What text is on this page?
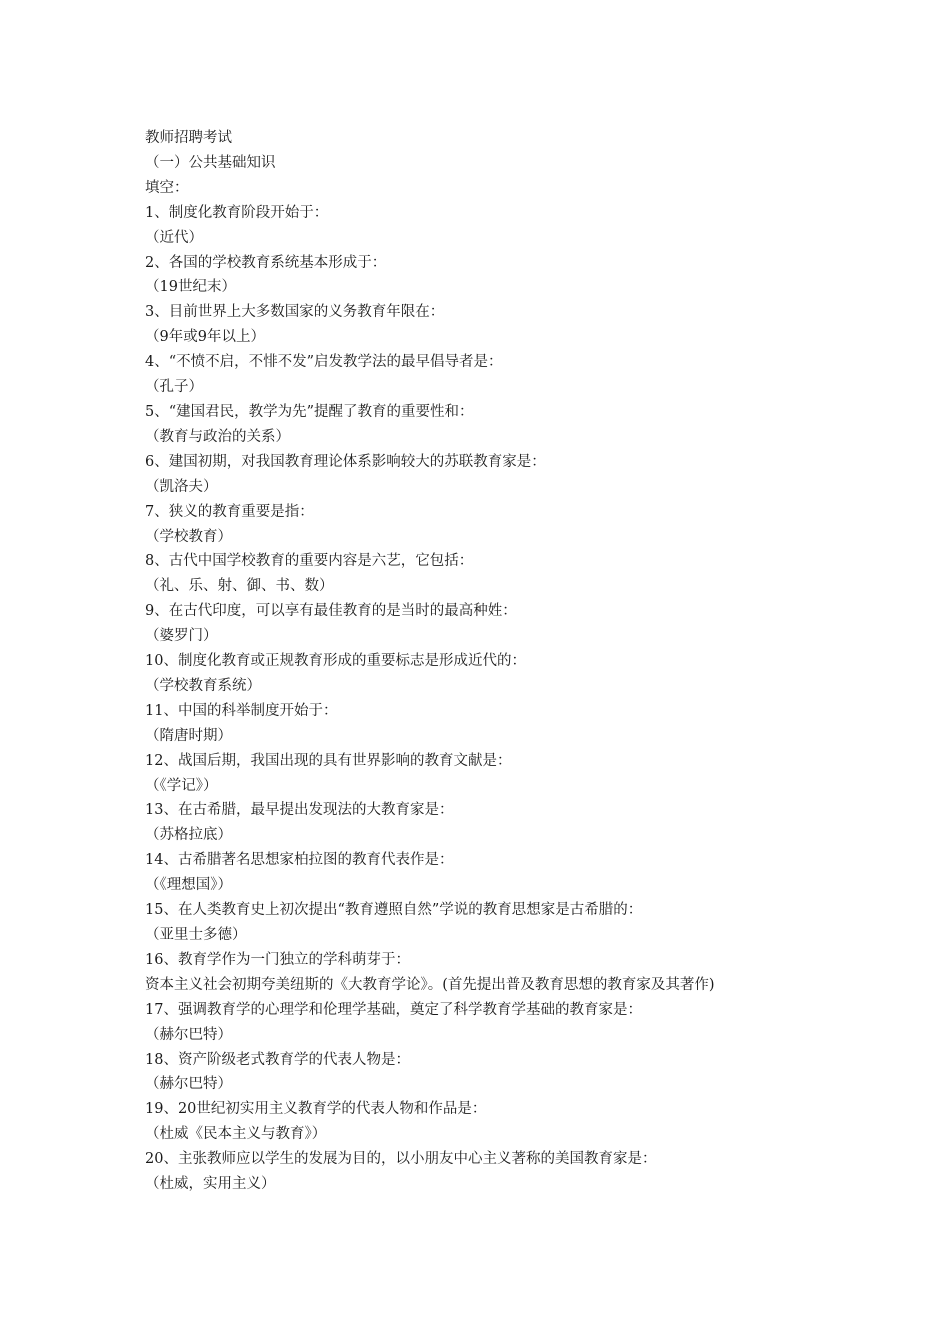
教师招聘考试

（一）公共基础知识

填空：

1、制度化教育阶段开始于：

（近代）

2、各国的学校教育系统基本形成于：

（19世纪末）

3、目前世界上大多数国家的义务教育年限在：

（9年或9年以上）

4、“不愤不启，不悱不发”启发教学法的最早倡导者是：

（孔子）

5、“建国君民，教学为先”提醒了教育的重要性和：

（教育与政治的关系）

6、建国初期，对我国教育理论体系影响较大的苏联教育家是：

（凯洛夫）

7、狭义的教育重要是指：

（学校教育）

8、古代中国学校教育的重要内容是六艺，它包括：

（礼、乐、射、御、书、数）

9、在古代印度，可以享有最佳教育的是当时的最高种姓：

（婆罗门）

10、制度化教育或正规教育形成的重要标志是形成近代的：

（学校教育系统）

11、中国的科举制度开始于：

（隋唐时期）

12、战国后期，我国出现的具有世界影响的教育文献是：

（《学记》）

13、在古希腊，最早提出发现法的大教育家是：

（苏格拉底）

14、古希腊著名思想家柏拉图的教育代表作是：

（《理想国》）

15、在人类教育史上初次提出“教育遵照自然”学说的教育思想家是古希腊的：

（亚里士多德）

16、教育学作为一门独立的学科萌芽于：

资本主义社会初期夸美纽斯的《大教育学论》。(首先提出普及教育思想的教育家及其著作)

17、强调教育学的心理学和伦理学基础，奠定了科学教育学基础的教育家是：

（赫尔巴特）

18、资产阶级老式教育学的代表人物是：

（赫尔巴特）

19、20世纪初实用主义教育学的代表人物和作品是：

（杜威《民本主义与教育》）

20、主张教师应以学生的发展为目的，以小朋友中心主义著称的美国教育家是：

（杜威，实用主义）
